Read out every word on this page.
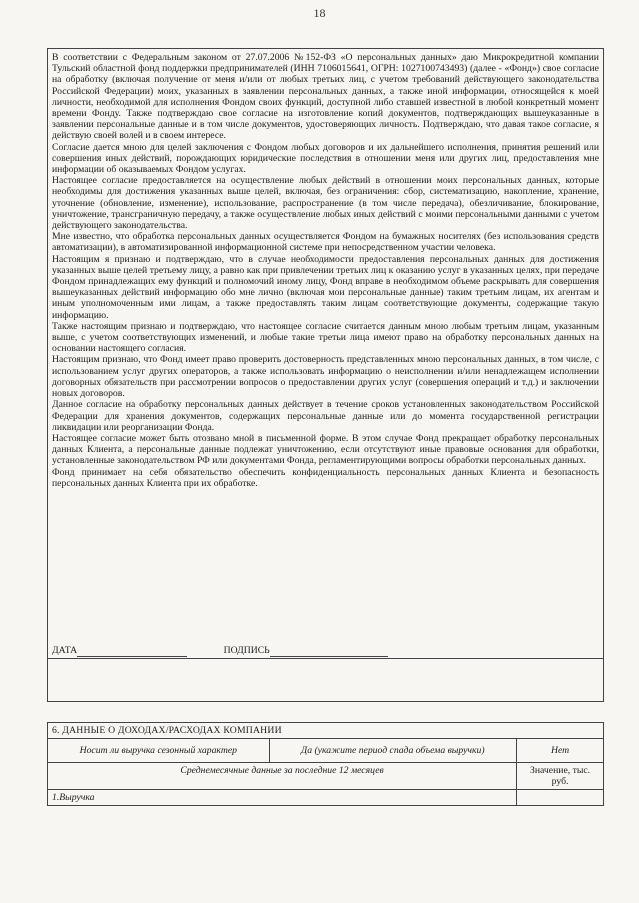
18

В соответствии с Федеральным законом от 27.07.2006 №152-ФЗ «О персональных данных» даю Микрокредитной компании Тульский областной фонд поддержки предпринимателей (ИНН 7106015641, ОГРН: 1027100743493) (далее - «Фонд») свое согласие на обработку (включая получение от меня и/или от любых третьих лиц, с учетом требований действующего законодательства Российской Федерации) моих, указанных в заявлении персональных данных, а также иной информации, относящейся к моей личности, необходимой для исполнения Фондом своих функций, доступной либо ставшей известной в любой конкретный момент времени Фонду. Также подтверждаю свое согласие на изготовление копий документов, подтверждающих вышеуказанные в заявлении персональные данные и в том числе документов, удостоверяющих личность. Подтверждаю, что давая такое согласие, я действую своей волей и в своем интересе.

Согласие дается мною для целей заключения с Фондом любых договоров и их дальнейшего исполнения, принятия решений или совершения иных действий, порождающих юридические последствия в отношении меня или других лиц, предоставления мне информации об оказываемых Фондом услугах.

Настоящее согласие предоставляется на осуществление любых действий в отношении моих персональных данных, которые необходимы для достижения указанных выше целей, включая, без ограничения: сбор, систематизацию, накопление, хранение, уточнение (обновление, изменение), использование, распространение (в том числе передача), обезличивание, блокирование, уничтожение, трансграничную передачу, а также осуществление любых иных действий с моими персональными данными с учетом действующего законодательства.

Мне известно, что обработка персональных данных осуществляется Фондом на бумажных носителях (без использования средств автоматизации), в автоматизированной информационной системе при непосредственном участии человека.

Настоящим я признаю и подтверждаю, что в случае необходимости предоставления персональных данных для достижения указанных выше целей третьему лицу, а равно как при привлечении третьих лиц к оказанию услуг в указанных целях, при передаче Фондом принадлежащих ему функций и полномочий иному лицу, Фонд вправе в необходимом объеме раскрывать для совершения вышеуказанных действий информацию обо мне лично (включая мои персональные данные) таким третьим лицам, их агентам и иным уполномоченным ими лицам, а также предоставлять таким лицам соответствующие документы, содержащие такую информацию.

Также настоящим признаю и подтверждаю, что настоящее согласие считается данным мною любым третьим лицам, указанным выше, с учетом соответствующих изменений, и любые такие третьи лица имеют право на обработку персональных данных на основании настоящего согласия.

Настоящим признаю, что Фонд имеет право проверить достоверность представленных мною персональных данных, в том числе, с использованием услуг других операторов, а также использовать информацию о неисполнении и/или ненадлежащем исполнении договорных обязательств при рассмотрении вопросов о предоставлении других услуг (совершения операций и т.д.) и заключении новых договоров.

Данное согласие на обработку персональных данных действует в течение сроков установленных законодательством Российской Федерации для хранения документов, содержащих персональные данные или до момента государственной регистрации ликвидации или реорганизации Фонда.

Настоящее согласие может быть отозвано мной в письменной форме. В этом случае Фонд прекращает обработку персональных данных Клиента, а персональные данные подлежат уничтожению, если отсутствуют иные правовые основания для обработки, установленные законодательством РФ или документами Фонда, регламентирующими вопросы обработки персональных данных.

Фонд принимает на себя обязательство обеспечить конфиденциальность персональных данных Клиента и безопасность персональных данных Клиента при их обработке.

ДАТА	ПОДПИСЬ
6. ДАННЫЕ О ДОХОДАХ/РАСХОДАХ КОМПАНИИ		
Носит ли выручка сезонный характер	Да (укажите период спада объема выручки)	Нет
Среднемесячные данные за последние 12 месяцев		Значение, тыс. руб.
1.Выручка		
